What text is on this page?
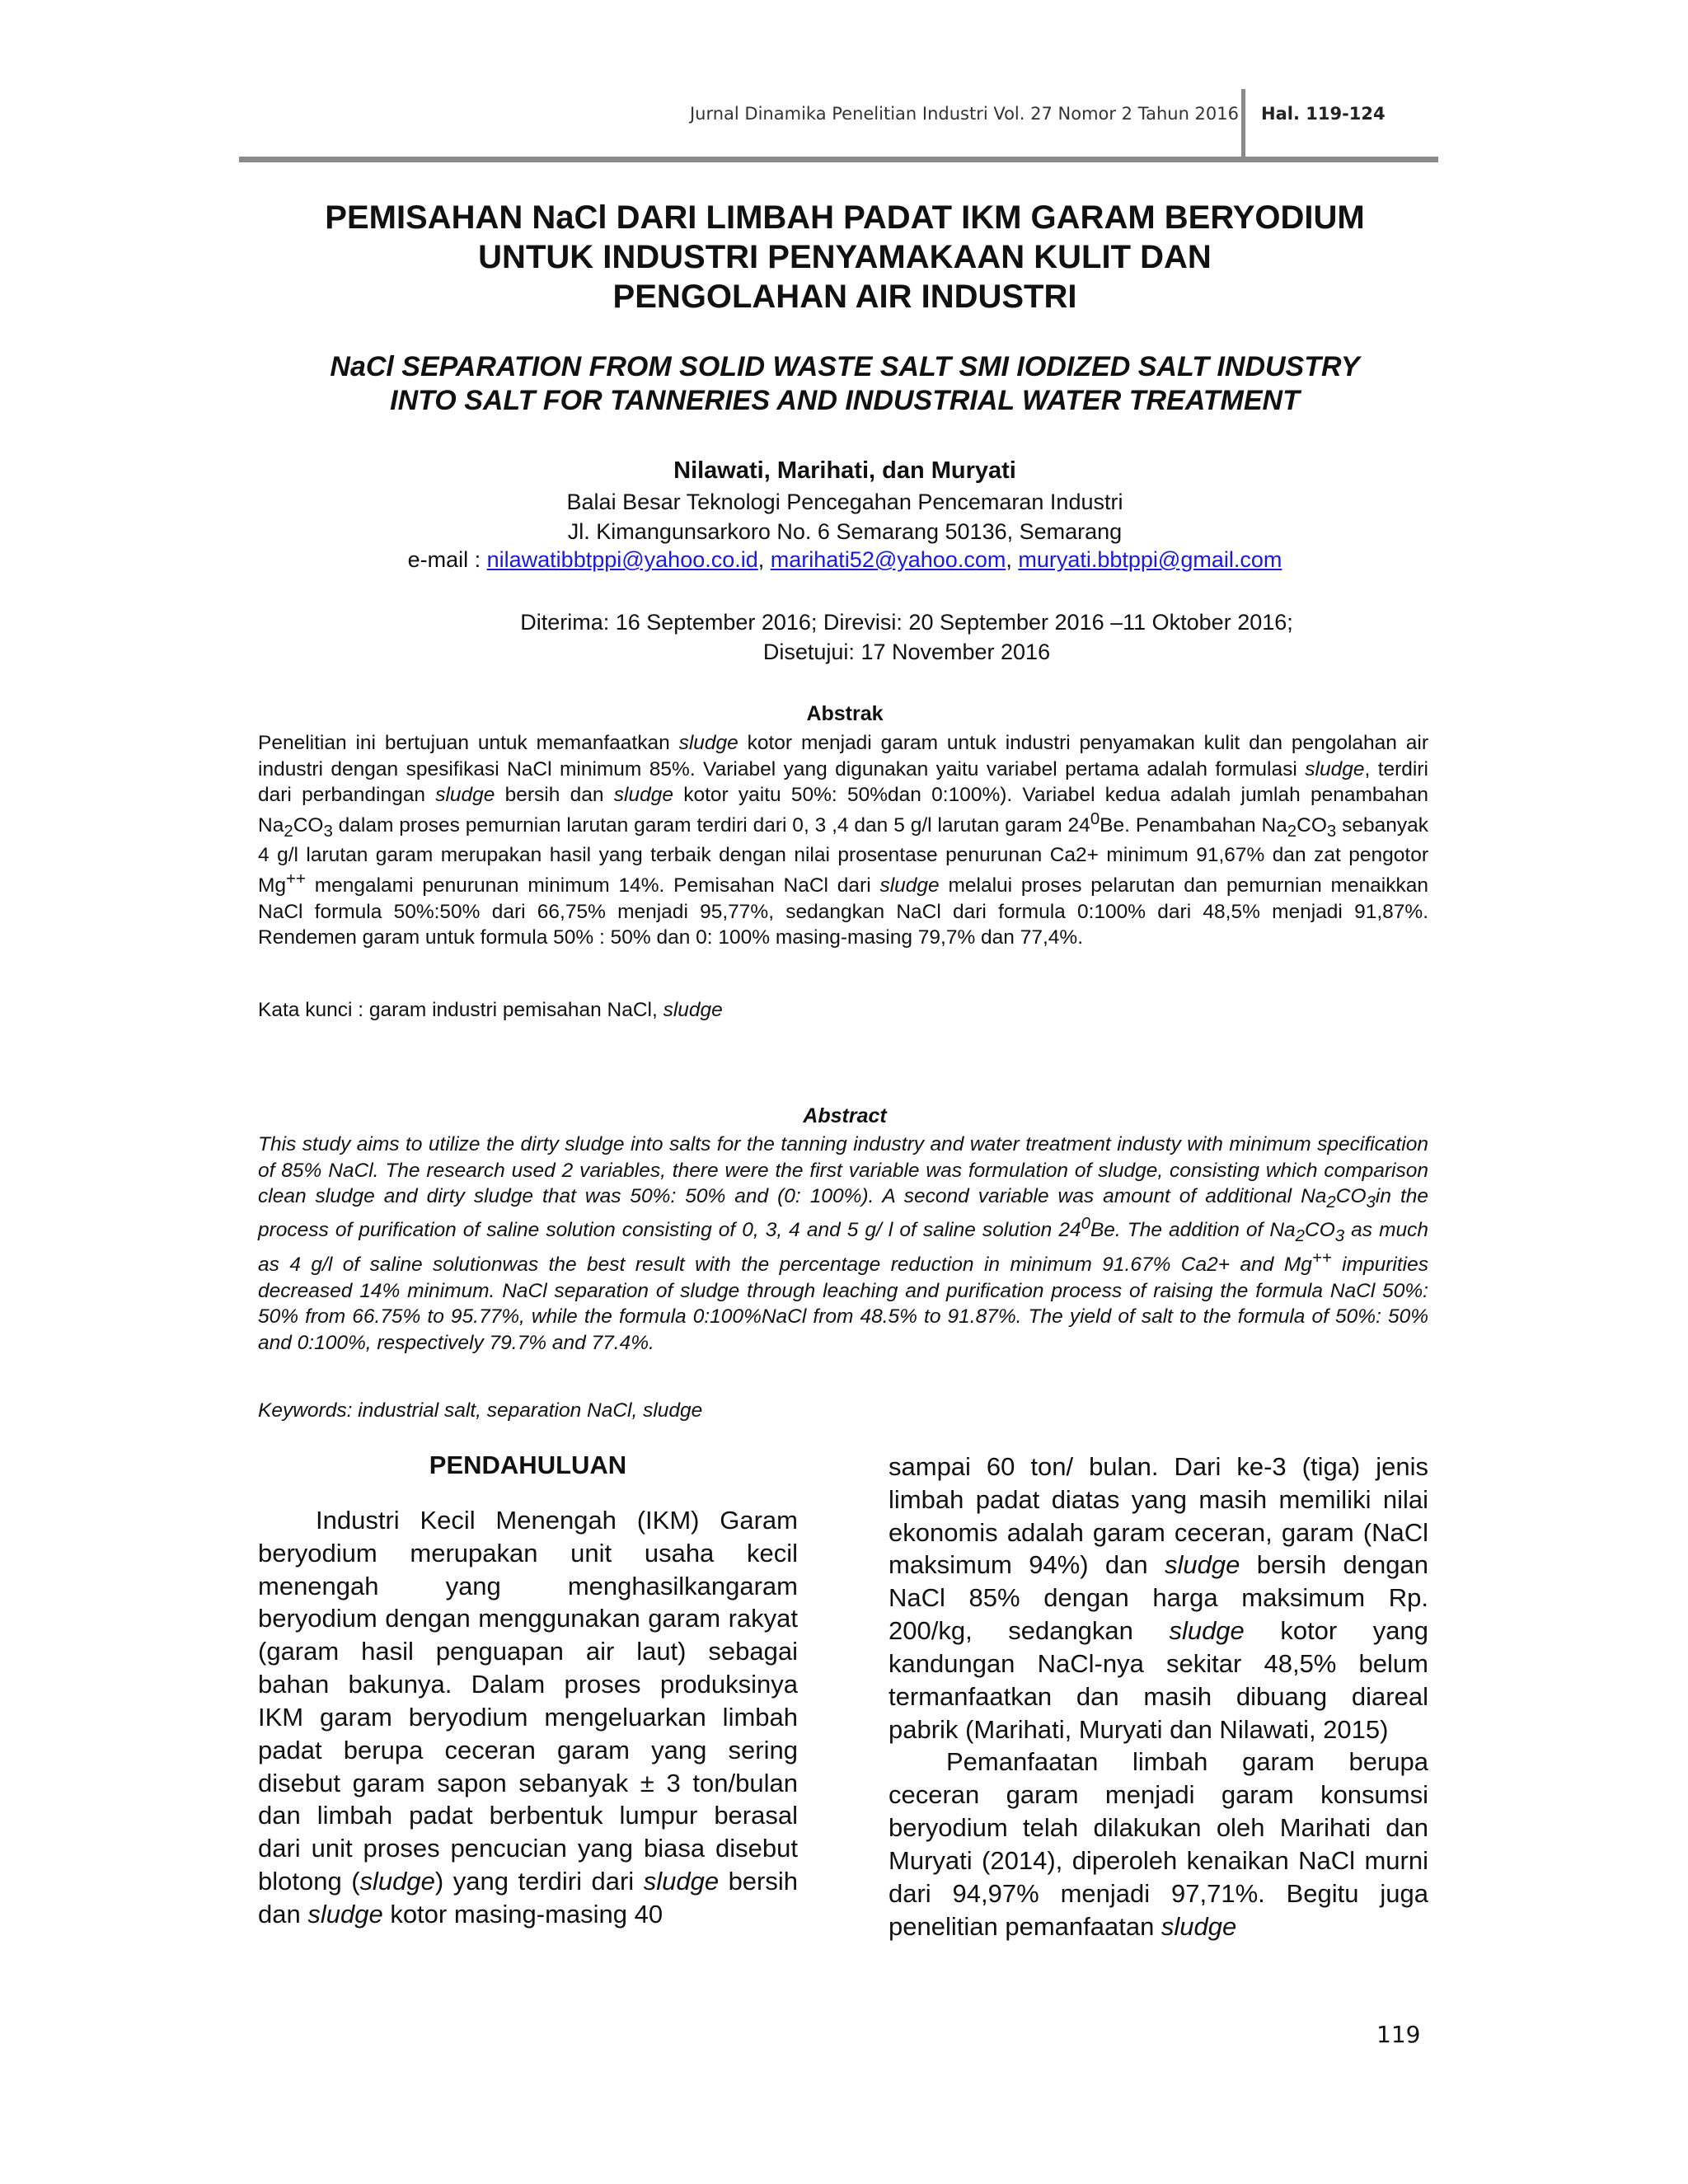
Jurnal Dinamika Penelitian Industri Vol. 27 Nomor 2 Tahun 2016 Hal. 119-124
PEMISAHAN NaCl DARI LIMBAH PADAT IKM GARAM BERYODIUM
UNTUK INDUSTRI PENYAMAKAAN KULIT DAN
PENGOLAHAN AIR INDUSTRI
NaCl SEPARATION FROM SOLID WASTE SALT SMI IODIZED SALT INDUSTRY
INTO SALT FOR TANNERIES AND INDUSTRIAL WATER TREATMENT

Nilawati, Marihati, dan Muryati

Balai Besar Teknologi Pencegahan Pencemaran Industri

Jl. Kimangunsarkoro No. 6 Semarang 50136, Semarang

e-mail : nilawatibbtppi@yahoo.co.id, marihati52@yahoo.com, muryati.bbtppi@gmail.com

Diterima: 16 September 2016; Direvisi: 20 September 2016 –11 Oktober 2016;
Disetujui: 17 November 2016

Abstrak

Penelitian ini bertujuan untuk memanfaatkan sludge kotor menjadi garam untuk industri penyamakan kulit dan pengolahan air industri dengan spesifikasi NaCl minimum 85%. Variabel yang digunakan yaitu variabel pertama adalah formulasi sludge, terdiri dari perbandingan sludge bersih dan sludge kotor yaitu 50%: 50%dan 0:100%). Variabel kedua adalah jumlah penambahan $Na_2CO_3$ dalam proses pemurnian larutan garam terdiri dari 0, 3 ,4 dan 5 g/l larutan garam $24^0Be$. Penambahan $Na_2CO_3$ sebanyak 4 g/l larutan garam merupakan hasil yang terbaik dengan nilai prosentase penurunan Ca2+ minimum 91,67% dan zat pengotor Mg++ mengalami penurunan minimum 14%. Pemisahan NaCl dari sludge melalui proses pelarutan dan pemurnian menaikkan NaCl formula 50%:50% dari 66,75% menjadi 95,77%, sedangkan NaCl dari formula 0:100% dari 48,5% menjadi 91,87%. Rendemen garam untuk formula 50% : 50% dan 0: 100% masing-masing 79,7% dan 77,4%.

Kata kunci : garam industri pemisahan NaCl, sludge

Abstract

This study aims to utilize the dirty sludge into salts for the tanning industry and water treatment industy with minimum specification of 85% NaCl. The research used 2 variables, there were the first variable was formulation of sludge, consisting which comparison clean sludge and dirty sludge that was 50%: 50% and (0: 100%). A second variable was amount of additional $Na_2CO_3in$ the process of purification of saline solution consisting of 0, 3, 4 and 5 g/ l of saline solution $24^0Be$. The addition of $Na_2CO_3$ as much as 4 g/l of saline solutionwas the best result with the percentage reduction in minimum 91.67% Ca2+ and Mg++ impurities decreased 14% minimum. NaCl separation of sludge through leaching and purification process of raising the formula NaCl 50%: 50% from 66.75% to 95.77%, while the formula 0:100%NaCl from 48.5% to 91.87%. The yield of salt to the formula of 50%: 50% and 0:100%, respectively 79.7% and 77.4%.

Keywords: industrial salt, separation NaCl, sludge

PENDAHULUAN

Industri Kecil Menengah (IKM) Garam beryodium merupakan unit usaha kecil menengah yang menghasilkangaram beryodium dengan menggunakan garam rakyat (garam hasil penguapan air laut) sebagai bahan bakunya. Dalam proses produksinya IKM garam beryodium mengeluarkan limbah padat berupa ceceran garam yang sering disebut garam sapon sebanyak ± 3 ton/bulan dan limbah padat berbentuk lumpur berasal dari unit proses pencucian yang biasa disebut blotong (sludge) yang terdiri dari sludge bersih dan sludge kotor masing-masing 40

sampai 60 ton/ bulan. Dari ke-3 (tiga) jenis limbah padat diatas yang masih memiliki nilai ekonomis adalah garam ceceran, garam (NaCl maksimum 94%) dan sludge bersih dengan NaCl 85% dengan harga maksimum Rp. 200/kg, sedangkan sludge kotor yang kandungan NaCl-nya sekitar 48,5% belum termanfaatkan dan masih dibuang diareal pabrik (Marihati, Muryati dan Nilawati, 2015)

Pemanfaatan limbah garam berupa ceceran garam menjadi garam konsumsi beryodium telah dilakukan oleh Marihati dan Muryati (2014), diperoleh kenaikan NaCl murni dari 94,97% menjadi 97,71%. Begitu juga penelitian pemanfaatan sludge

119
